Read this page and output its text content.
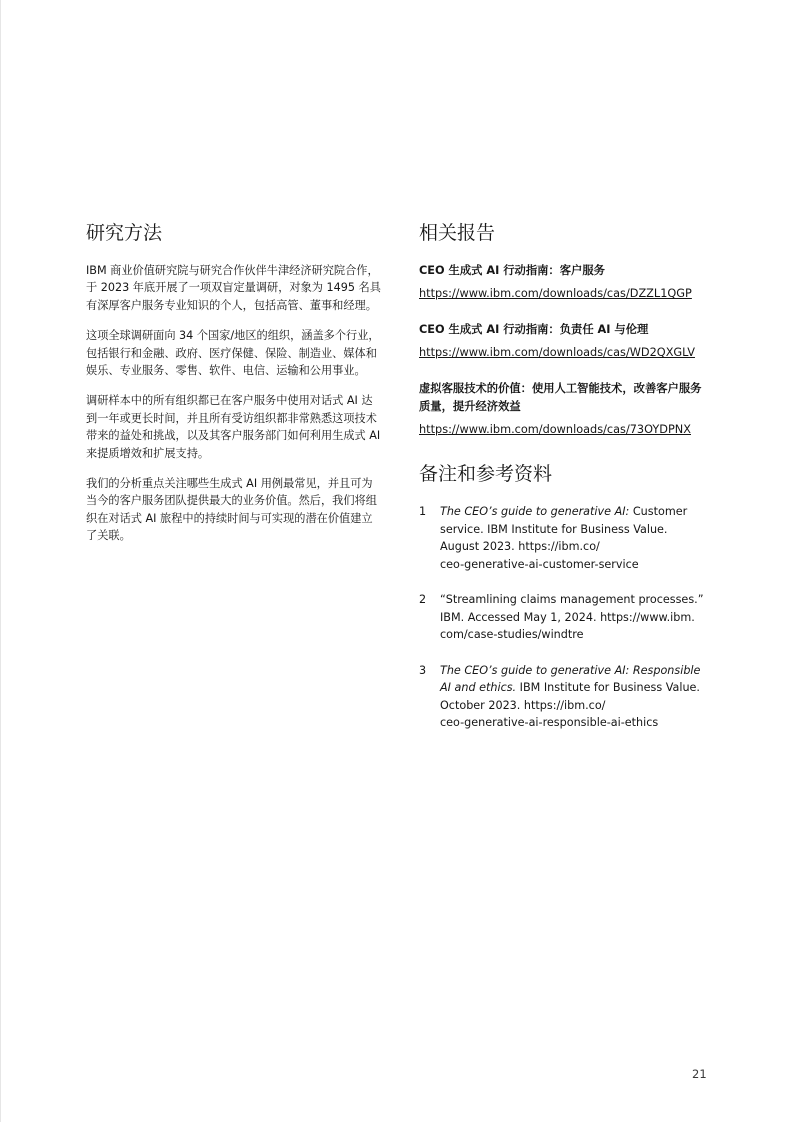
研究方法

IBM 商业价值研究院与研究合作伙伴牛津经济研究院合作，于 2023 年底开展了一项双盲定量调研，对象为 1495 名具有深厚客户服务专业知识的个人，包括高管、董事和经理。

这项全球调研面向 34 个国家/地区的组织，涵盖多个行业，包括银行和金融、政府、医疗保健、保险、制造业、媒体和娱乐、专业服务、零售、软件、电信、运输和公用事业。

调研样本中的所有组织都已在客户服务中使用对话式 AI 达到一年或更长时间，并且所有受访组织都非常熟悉这项技术带来的益处和挑战，以及其客户服务部门如何利用生成式 AI 来提质增效和扩展支持。

我们的分析重点关注哪些生成式 AI 用例最常见，并且可为当今的客户服务团队提供最大的业务价值。然后，我们将组织在对话式 AI 旅程中的持续时间与可实现的潜在价值建立了关联。

相关报告
CEO 生成式 AI 行动指南：客户服务
https://www.ibm.com/downloads/cas/DZZL1QGP
CEO 生成式 AI 行动指南：负责任 AI 与伦理
https://www.ibm.com/downloads/cas/WD2QXGLV
虚拟客服技术的价值：使用人工智能技术，改善客户服务质量，提升经济效益
https://www.ibm.com/downloads/cas/73OYDPNX
备注和参考资料
1	The CEO’s guide to generative AI: Customer service. IBM Institute for Business Value. August 2023. https://ibm.co/
ceo-generative-ai-customer-service
2	“Streamlining claims management processes.” IBM. Accessed May 1, 2024. https://www.ibm.
com/case-studies/windtre
3	The CEO’s guide to generative AI: Responsible AI and ethics. IBM Institute for Business Value. October 2023. https://ibm.co/
ceo-generative-ai-responsible-ai-ethics
21
